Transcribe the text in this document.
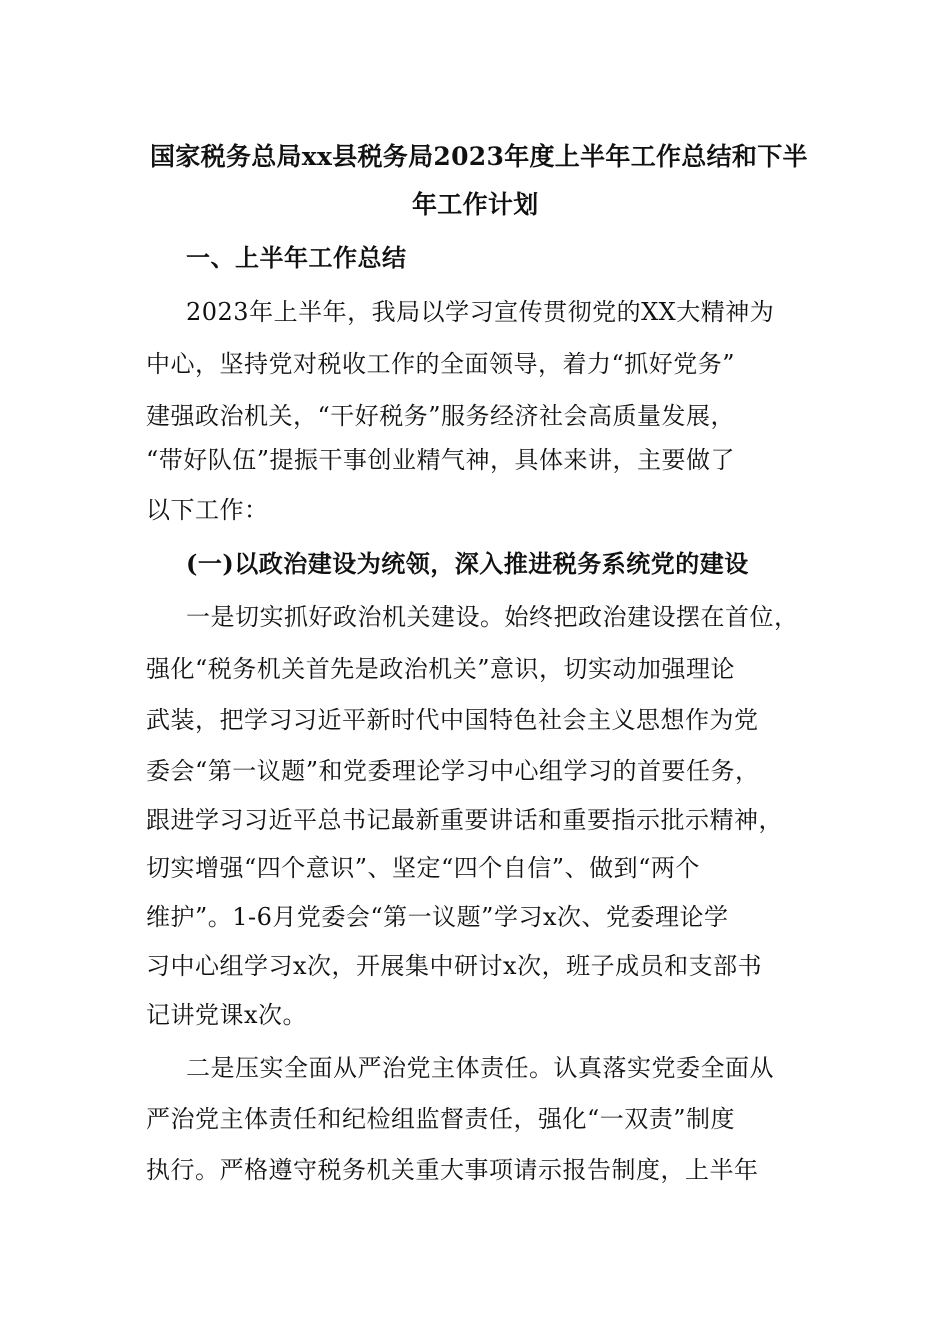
国家税务总局xx县税务局2023年度上半年工作总结和下半

年工作计划

一、上半年工作总结

2023年上半年，我局以学习宣传贯彻党的XX大精神为

中心，坚持党对税收工作的全面领导，着力“抓好党务”

建强政治机关，“干好税务”服务经济社会高质量发展，

“带好队伍”提振干事创业精气神，具体来讲，主要做了

以下工作：

(一)以政治建设为统领，深入推进税务系统党的建设

一是切实抓好政治机关建设。始终把政治建设摆在首位，

强化“税务机关首先是政治机关”意识，切实动加强理论

武装，把学习习近平新时代中国特色社会主义思想作为党

委会“第一议题”和党委理论学习中心组学习的首要任务，

跟进学习习近平总书记最新重要讲话和重要指示批示精神，

切实增强“四个意识”、坚定“四个自信”、做到“两个

维护”。1-6月党委会“第一议题”学习x次、党委理论学

习中心组学习x次，开展集中研讨x次，班子成员和支部书

记讲党课x次。

二是压实全面从严治党主体责任。认真落实党委全面从

严治党主体责任和纪检组监督责任，强化“一双责”制度

执行。严格遵守税务机关重大事项请示报告制度，上半年
